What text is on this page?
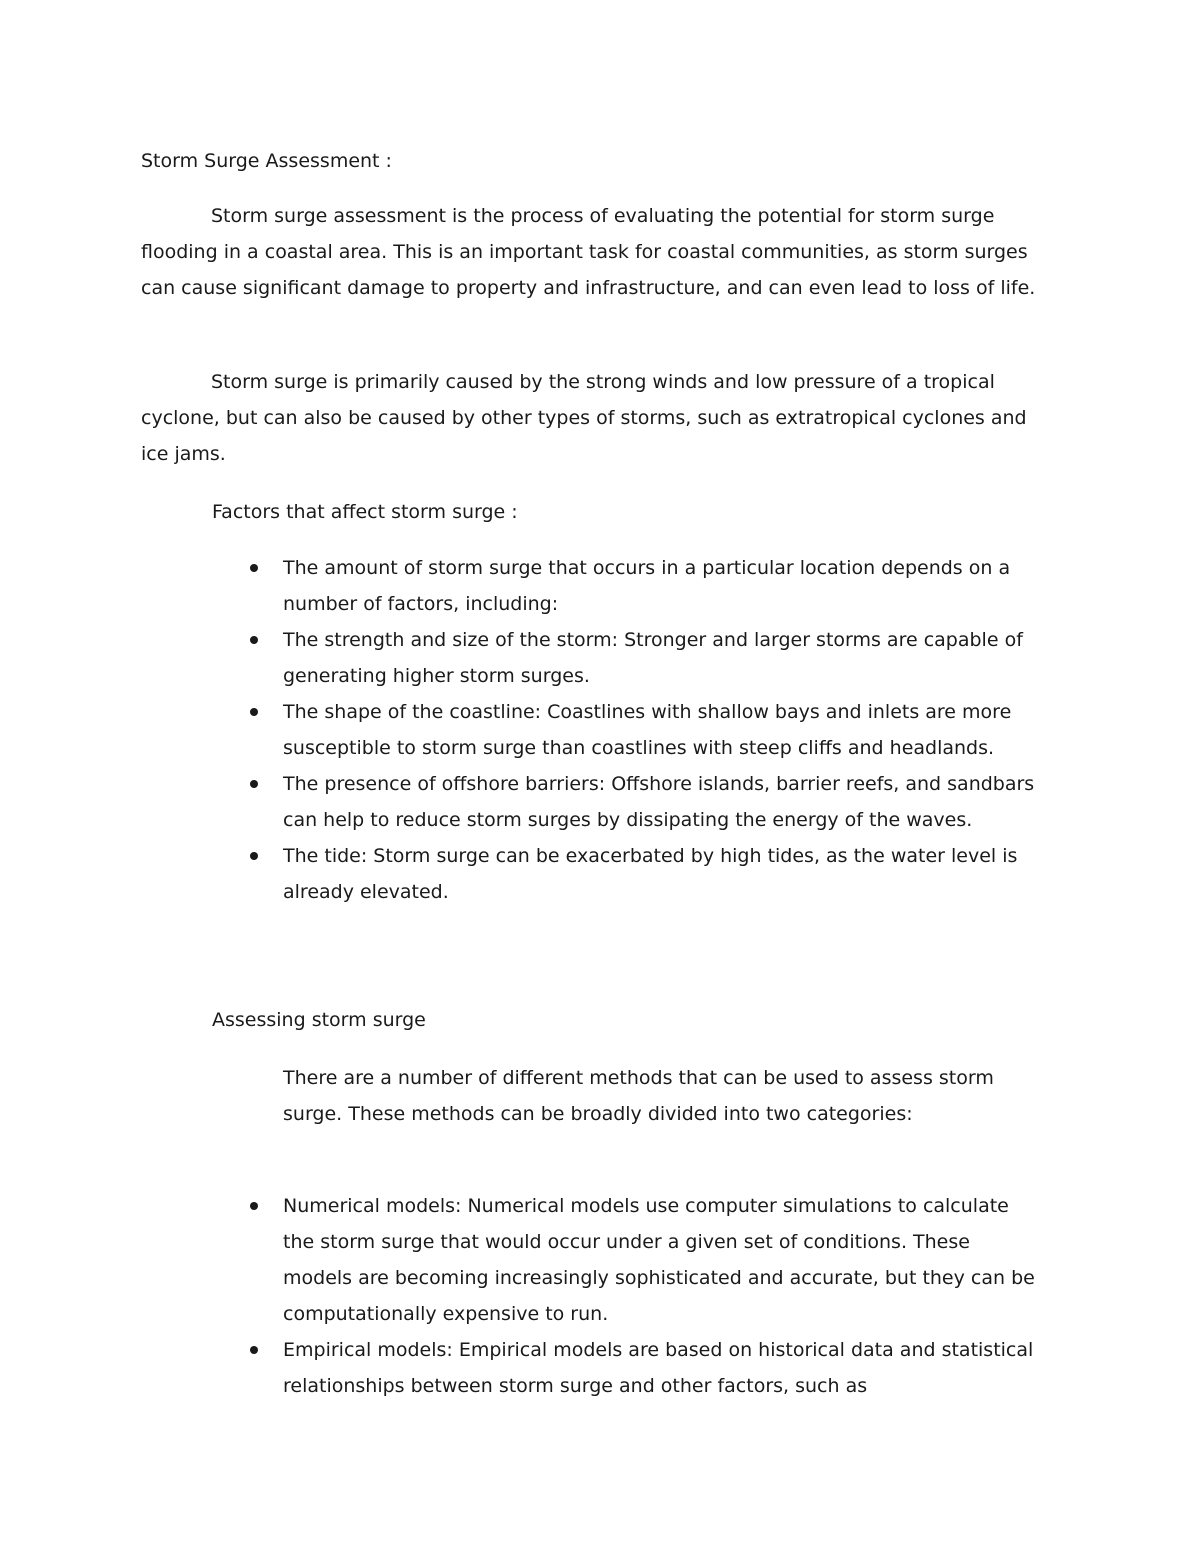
Storm Surge Assessment :

Storm surge assessment is the process of evaluating the potential for storm surge flooding in a coastal area. This is an important task for coastal communities, as storm surges can cause significant damage to property and infrastructure, and can even lead to loss of life.

Storm surge is primarily caused by the strong winds and low pressure of a tropical cyclone, but can also be caused by other types of storms, such as extratropical cyclones and ice jams.

Factors that affect storm surge :

The amount of storm surge that occurs in a particular location depends on a number of factors, including:
The strength and size of the storm: Stronger and larger storms are capable of generating higher storm surges.
The shape of the coastline: Coastlines with shallow bays and inlets are more susceptible to storm surge than coastlines with steep cliffs and headlands.
The presence of offshore barriers: Offshore islands, barrier reefs, and sandbars can help to reduce storm surges by dissipating the energy of the waves.
The tide: Storm surge can be exacerbated by high tides, as the water level is already elevated.

Assessing storm surge

There are a number of different methods that can be used to assess storm surge. These methods can be broadly divided into two categories:

Numerical models: Numerical models use computer simulations to calculate the storm surge that would occur under a given set of conditions. These models are becoming increasingly sophisticated and accurate, but they can be computationally expensive to run.
Empirical models: Empirical models are based on historical data and statistical relationships between storm surge and other factors, such as
